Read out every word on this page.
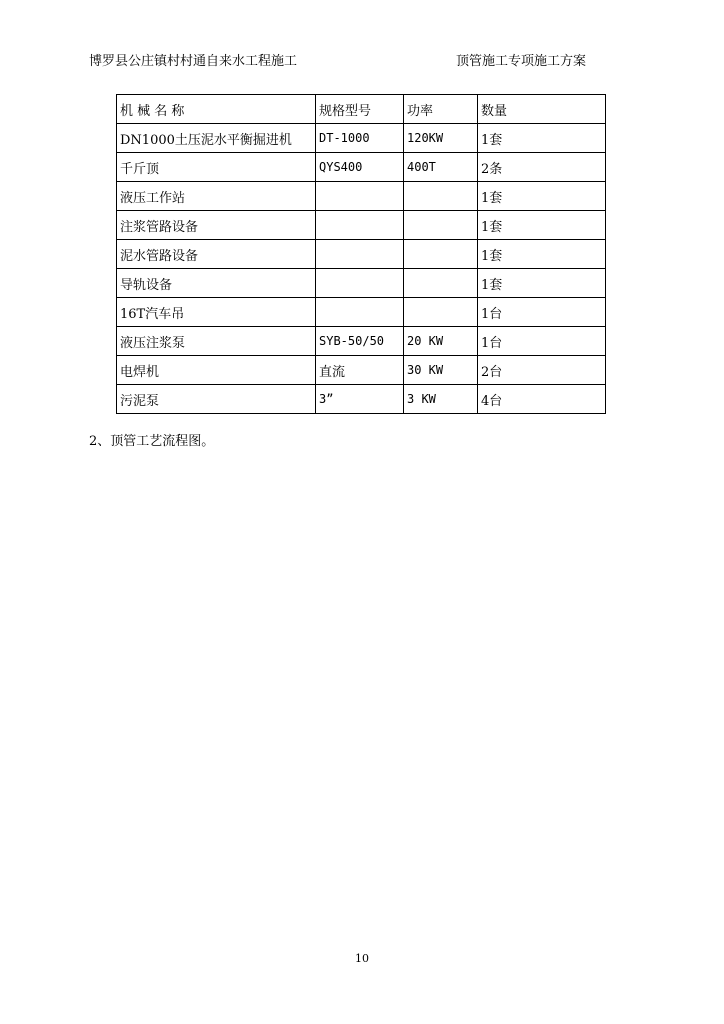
博罗县公庄镇村村通自来水工程施工	顶管施工专项施工方案
机 械 名 称	规格型号	功率	数量
DN1000土压泥水平衡掘进机	DT-1000	120KW	1套
千斤顶	QYS400	400T	2条
液压工作站			1套
注浆管路设备			1套
泥水管路设备			1套
导轨设备			1套
16T汽车吊			1台
液压注浆泵	SYB-50/50	20 KW	1台
电焊机	直流	30 KW	2台
污泥泵	3”	3 KW	4台
2、顶管工艺流程图。
10
